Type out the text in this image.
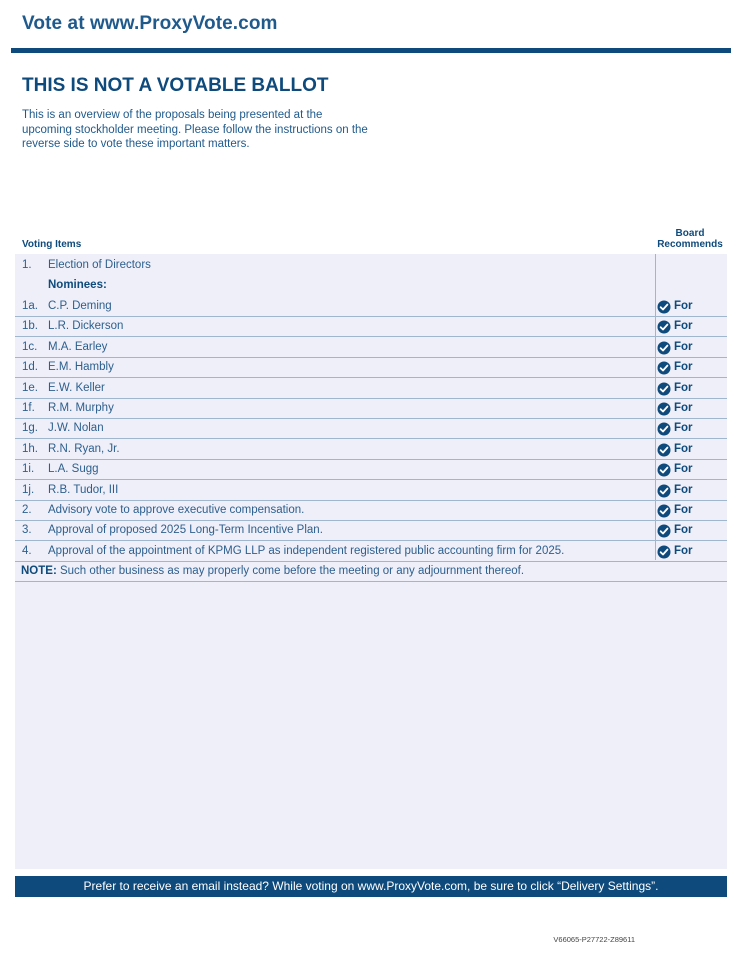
Vote at www.ProxyVote.com
THIS IS NOT A VOTABLE BALLOT

This is an overview of the proposals being presented at the upcoming stockholder meeting. Please follow the instructions on the reverse side to vote these important matters.

Voting Items
Board
Recommends
1. Election of Directors
Nominees:
1a. C.P. Deming	For
1b. L.R. Dickerson	For
1c. M.A. Earley	For
1d. E.M. Hambly	For
1e. E.W. Keller	For
1f. R.M. Murphy	For
1g. J.W. Nolan	For
1h. R.N. Ryan, Jr.	For
1i. L.A. Sugg	For
1j. R.B. Tudor, III	For
2. Advisory vote to approve executive compensation.	For
3. Approval of proposed 2025 Long-Term Incentive Plan.	For
4. Approval of the appointment of KPMG LLP as independent registered public accounting firm for 2025.	For
NOTE: Such other business as may properly come before the meeting or any adjournment thereof.
Prefer to receive an email instead? While voting on www.ProxyVote.com, be sure to click “Delivery Settings”.
V66065-P27722-Z89611
